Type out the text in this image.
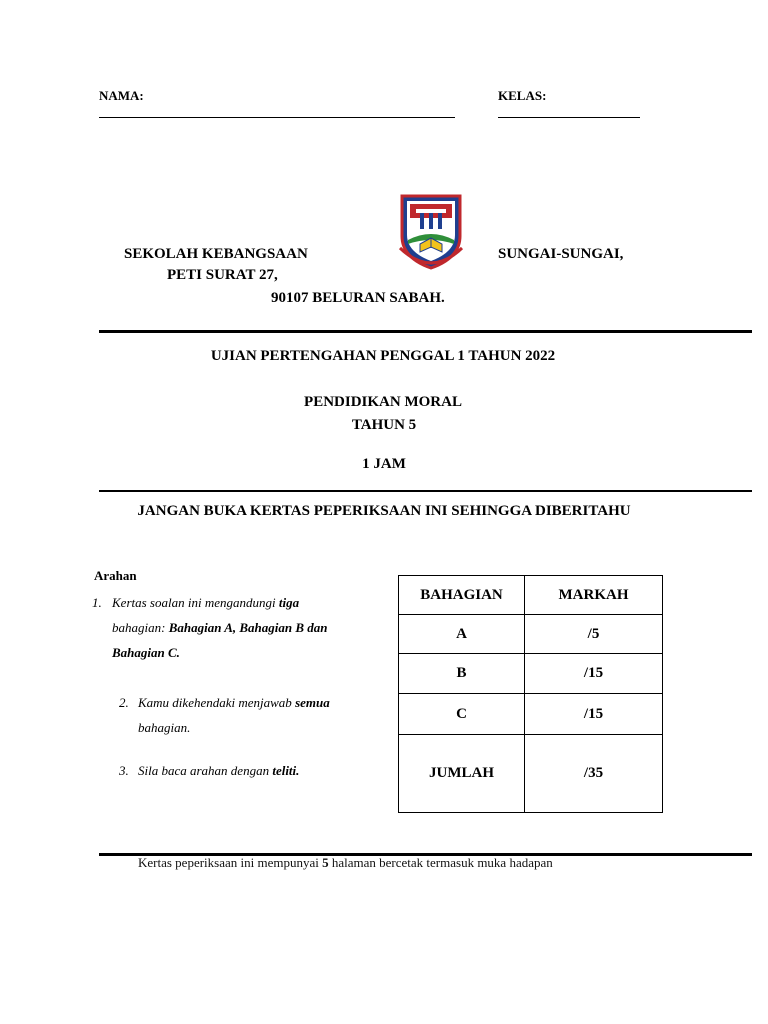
NAMA:	KELAS:
SEKOLAH KEBANGSAAN	SUNGAI-SUNGAI,
PETI SURAT 27,
90107 BELURAN SABAH.
UJIAN PERTENGAHAN PENGGAL 1 TAHUN 2022
PENDIDIKAN MORAL
TAHUN 5
1 JAM
JANGAN BUKA KERTAS PEPERIKSAAN INI SEHINGGA DIBERITAHU
Arahan
1. Kertas soalan ini mengandungi tiga
bahagian: Bahagian A, Bahagian B dan Bahagian C.
2. Kamu dikehendaki menjawab semua bahagian.
3. Sila baca arahan dengan teliti.
BAHAGIAN	MARKAH
A	/5
B	/15
C	/15
JUMLAH	/35
Kertas peperiksaan ini mempunyai 5 halaman bercetak termasuk muka hadapan
